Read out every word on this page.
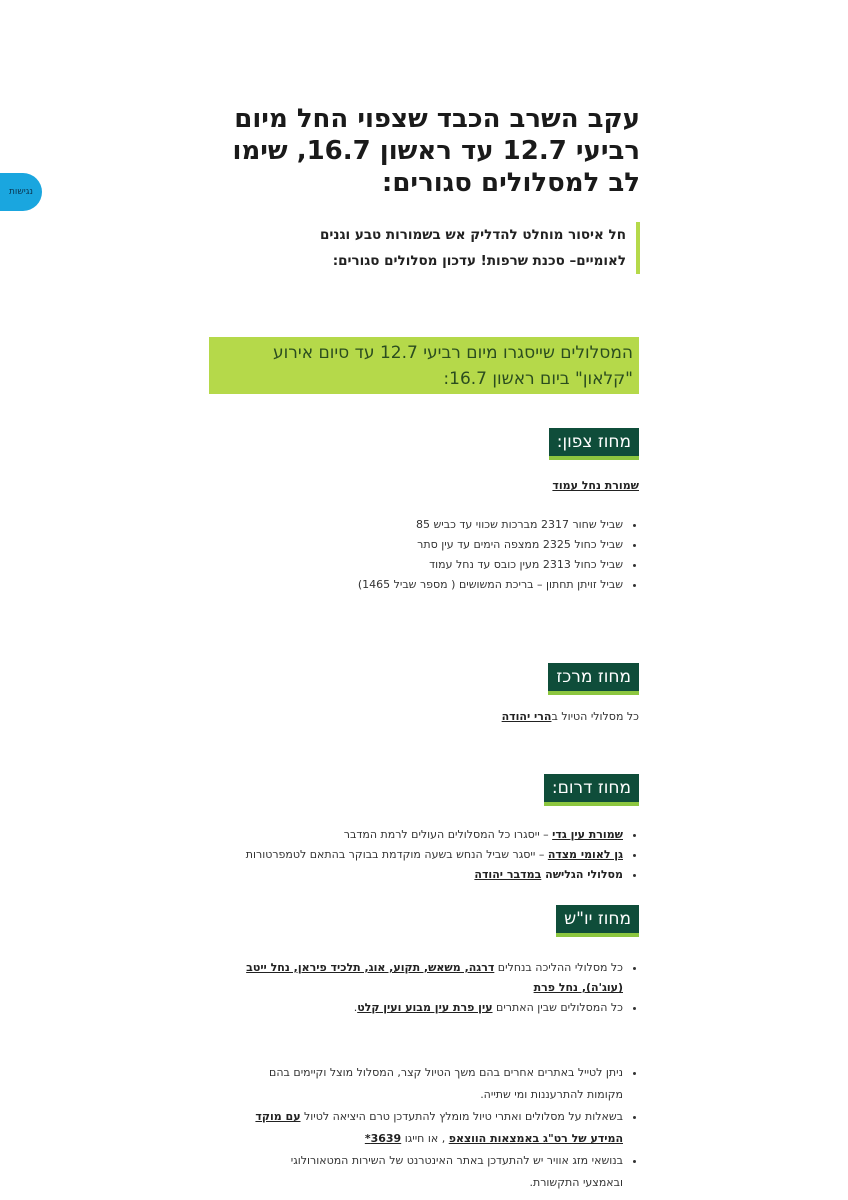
נגישות
עקב השרב הכבד שצפוי החל מיום רביעי 12.7 עד ראשון 16.7, שימו לב למסלולים סגורים:
חל איסור מוחלט להדליק אש בשמורות טבע וגנים
לאומיים– סכנת שרפות! עדכון מסלולים סגורים:
המסלולים שייסגרו מיום רביעי 12.7 עד סיום אירוע
"קלאון" ביום ראשון 16.7:
מחוז צפון:
שמורת נחל עמוד
• שביל שחור 2317 מברכות שכווי עד כביש 85
• שביל כחול 2325 ממצפה הימים עד עין סתר
• שביל כחול 2313 מעין כובס עד נחל עמוד
• שביל זויתן תחתון – בריכת המשושים ( מספר שביל 1465)
מחוז מרכז
כל מסלולי הטיול בהרי יהודה
מחוז דרום:
• שמורת עין גדי – ייסגרו כל המסלולים העולים לרמת המדבר
• גן לאומי מצדה – ייסגר שביל הנחש בשעה מוקדמת בבוקר בהתאם לטמפרטורות
• מסלולי הגלישה במדבר יהודה
מחוז יו"ש
• כל מסלולי ההליכה בנחלים דרגה, משאש, תקוע, אוג, תלכיד פיראן, נחל ייטב
(עוג'ה), נחל פרת
• כל המסלולים שבין האתרים עין פרת עין מבוע ועין קלט.
• ניתן לטייל באתרים אחרים בהם משך הטיול קצר, המסלול מוצל וקיימים בהם
מקומות להתרעננות ומי שתייה.
• בשאלות על מסלולים ואתרי טיול מומלץ להתעדכן טרם היציאה לטיול עם מוקד
המידע של רט"ג באמצאות הווצאפ , או חייגו 3639*
• בנושאי מזג אוויר יש להתעדכן באתר האינטרנט של השירות המטאורולוגי
ובאמצעי התקשורת.
